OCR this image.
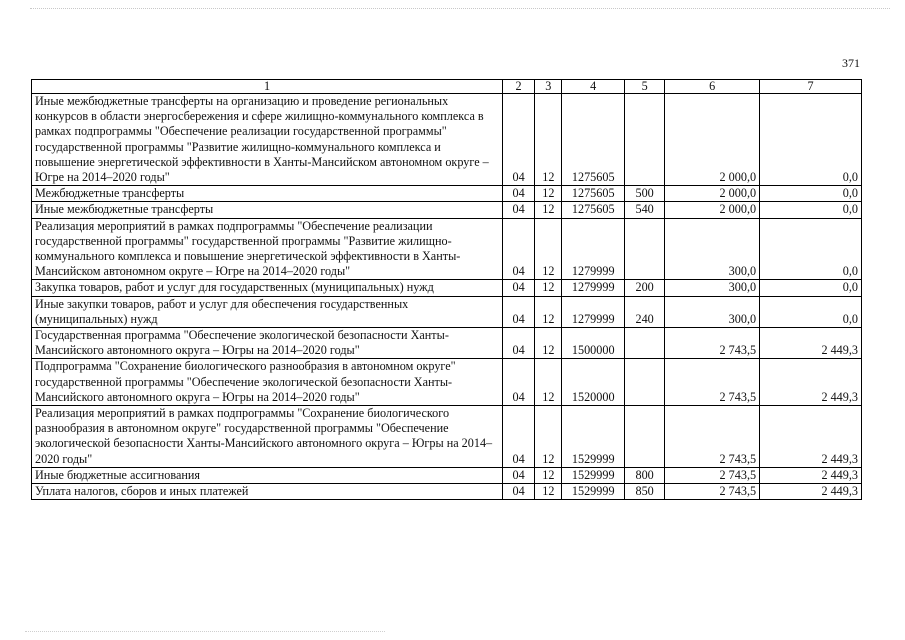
371
1	2	3	4	5	6	7
Иные межбюджетные трансферты на организацию и проведение региональных конкурсов в области энергосбережения и сфере жилищно-коммунального комплекса в рамках подпрограммы "Обеспечение реализации государственной программы" государственной программы "Развитие жилищно-коммунального комплекса и повышение энергетической эффективности в Ханты-Мансийском автономном округе – Югре на 2014–2020 годы"	04	12	1275605		2 000,0	0,0
Межбюджетные трансферты	04	12	1275605	500	2 000,0	0,0
Иные межбюджетные трансферты	04	12	1275605	540	2 000,0	0,0
Реализация мероприятий в рамках подпрограммы "Обеспечение реализации государственной программы" государственной программы "Развитие жилищно-коммунального комплекса и повышение энергетической эффективности в Ханты-Мансийском автономном округе – Югре на 2014–2020 годы"	04	12	1279999		300,0	0,0
Закупка товаров, работ и услуг для государственных (муниципальных) нужд	04	12	1279999	200	300,0	0,0
Иные закупки товаров, работ и услуг для обеспечения государственных (муниципальных) нужд	04	12	1279999	240	300,0	0,0
Государственная программа "Обеспечение экологической безопасности Ханты-Мансийского автономного округа – Югры на 2014–2020 годы"	04	12	1500000		2 743,5	2 449,3
Подпрограмма "Сохранение биологического разнообразия в автономном округе" государственной программы "Обеспечение экологической безопасности Ханты-Мансийского автономного округа – Югры на 2014–2020 годы"	04	12	1520000		2 743,5	2 449,3
Реализация мероприятий в рамках подпрограммы "Сохранение биологического разнообразия в автономном округе" государственной программы "Обеспечение экологической безопасности Ханты-Мансийского автономного округа – Югры на 2014–2020 годы"	04	12	1529999		2 743,5	2 449,3
Иные бюджетные ассигнования	04	12	1529999	800	2 743,5	2 449,3
Уплата налогов, сборов и иных платежей	04	12	1529999	850	2 743,5	2 449,3
